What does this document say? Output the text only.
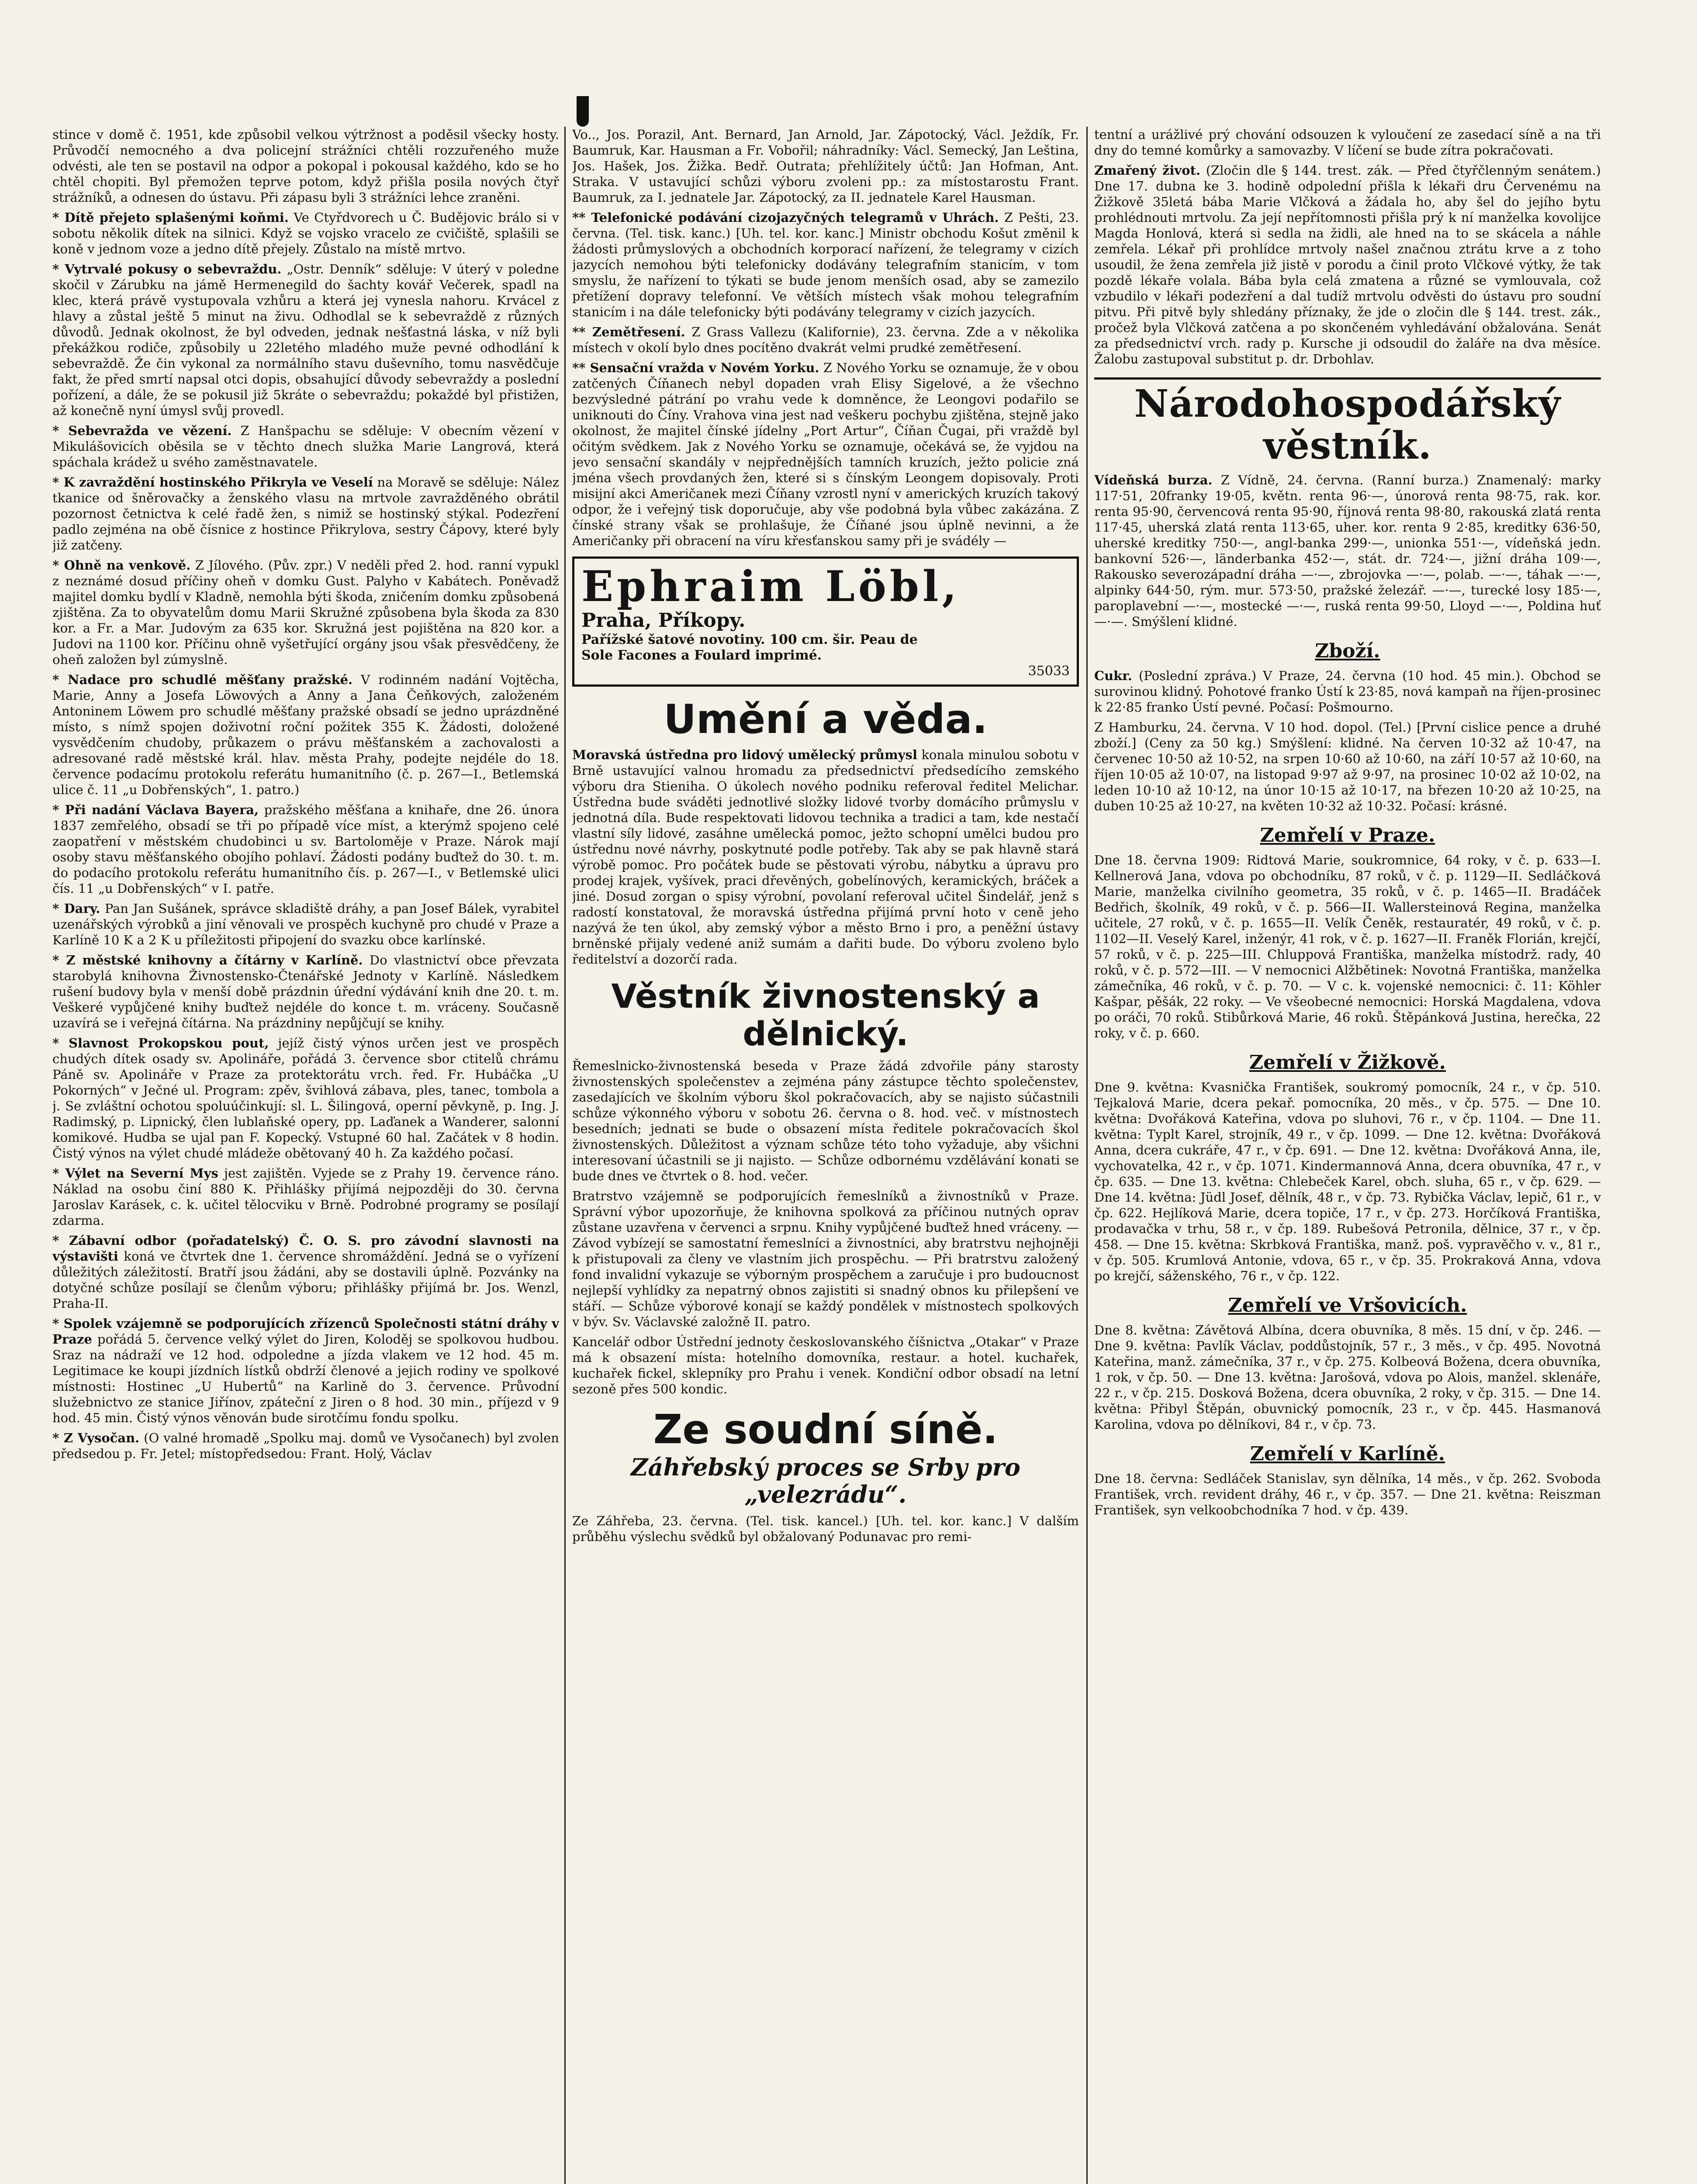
stince v domě č. 1951, kde způsobil velkou výtržnost a poděsil všecky hosty. Průvodčí nemocného a dva policejní strážníci chtěli rozzuřeného muže odvésti, ale ten se postavil na odpor a pokopal i pokousal každého, kdo se ho chtěl chopiti. Byl přemožen teprve potom, když přišla posila nových čtyř strážníků, a odnesen do ústavu. Při zápasu byli 3 strážníci lehce zraněni.

* Dítě přejeto splašenými koňmi. Ve Ctyřdvorech u Č. Budějovic brálo si v sobotu několik dítek na silnici. Když se vojsko vracelo ze cvičiště, splašili se koně v jednom voze a jedno dítě přejely. Zůstalo na místě mrtvo.

* Vytrvalé pokusy o sebevraždu. „Ostr. Denník“ sděluje: V úterý v poledne skočil v Zárubku na jámě Hermenegild do šachty kovář Večerek, spadl na klec, která právě vystupovala vzhůru a která jej vynesla nahoru. Krvácel z hlavy a zůstal ještě 5 minut na živu. Odhodlal se k sebevraždě z různých důvodů. Jednak okolnost, že byl odveden, jednak nešťastná láska, v níž byli překážkou rodiče, způsobily u 22letého mladého muže pevné odhodlání k sebevraždě. Že čin vykonal za normálního stavu duševního, tomu nasvědčuje fakt, že před smrtí napsal otci dopis, obsahující důvody sebevraždy a poslední pořízení, a dále, že se pokusil již 5kráte o sebevraždu; pokaždé byl přistižen, až konečně nyní úmysl svůj provedl.

* Sebevražda ve vězení. Z Hanšpachu se sděluje: V obecním vězení v Mikulášovicích oběsila se v těchto dnech služka Marie Langrová, která spáchala krádež u svého zaměstnavatele.

* K zavraždění hostinského Přikryla ve Veselí na Moravě se sděluje: Nález tkanice od šněrovačky a ženského vlasu na mrtvole zavražděného obrátil pozornost četnictva k celé řadě žen, s nimiž se hostinský stýkal. Podezření padlo zejména na obě čísnice z hostince Přikrylova, sestry Čápovy, které byly již zatčeny.

* Ohně na venkově. Z Jílového. (Pův. zpr.) V neděli před 2. hod. ranní vypukl z neznámé dosud příčiny oheň v domku Gust. Palyho v Kabátech. Poněvadž majitel domku bydlí v Kladně, nemohla býti škoda, zničením domku způsobená zjištěna. Za to obyvatelům domu Marii Skružné způsobena byla škoda za 830 kor. a Fr. a Mar. Judovým za 635 kor. Skružná jest pojištěna na 820 kor. a Judovi na 1100 kor. Příčinu ohně vyšetřující orgány jsou však přesvědčeny, že oheň založen byl zúmyslně.

* Nadace pro schudlé měšťany pražské. V rodinném nadání Vojtěcha, Marie, Anny a Josefa Löwových a Anny a Jana Čeňkových, založeném Antoninem Löwem pro schudlé měšťany pražské obsadí se jedno uprázdněné místo, s nímž spojen doživotní roční požitek 355 K. Žádosti, doložené vysvědčením chudoby, průkazem o právu měšťanském a zachovalosti a adresované radě městské král. hlav. města Prahy, podejte nejdéle do 18. července podacímu protokolu referátu humanitního (č. p. 267—I., Betlemská ulice č. 11 „u Dobřenských“, 1. patro.)

* Při nadání Václava Bayera, pražského měšťana a knihaře, dne 26. února 1837 zemřelého, obsadí se tři po případě více míst, a kterýmž spojeno celé zaopatření v městském chudobinci u sv. Bartoloměje v Praze. Nárok mají osoby stavu měšťanského obojího pohlaví. Žádosti podány buďtež do 30. t. m. do podacího protokolu referátu humanitního čís. p. 267—I., v Betlemské ulici čís. 11 „u Dobřenských“ v I. patře.

* Dary. Pan Jan Sušánek, správce skladiště dráhy, a pan Josef Bálek, vyrabitel uzenářských výrobků a jiní věnovali ve prospěch kuchyně pro chudé v Praze a Karlíně 10 K a 2 K u příležitosti připojení do svazku obce karlínské.

* Z městské knihovny a čítárny v Karlíně. Do vlastnictví obce převzata starobylá knihovna Živnostensko-Čtenářské Jednoty v Karlíně. Následkem rušení budovy byla v menší době prázdnin úřední výdávání knih dne 20. t. m. Veškeré vypůjčené knihy buďtež nejdéle do konce t. m. vráceny. Současně uzavírá se i veřejná čítárna. Na prázdniny nepůjčují se knihy.

* Slavnost Prokopskou pout, jejíž čistý výnos určen jest ve prospěch chudých dítek osady sv. Apolináře, pořádá 3. července sbor ctitelů chrámu Páně sv. Apolináře v Praze za protektorátu vrch. řed. Fr. Hubáčka „U Pokorných“ v Ječné ul. Program: zpěv, švihlová zábava, ples, tanec, tombola a j. Se zvláštní ochotou spoluúčinkují: sl. L. Šilingová, operní pěvkyně, p. Ing. J. Radimský, p. Lipnický, člen lublaňské opery, pp. Laďanek a Wanderer, salonní komikové. Hudba se ujal pan F. Kopecký. Vstupné 60 hal. Začátek v 8 hodin. Čistý výnos na výlet chudé mládeže obětovaný 40 h. Za každého počasí.

* Výlet na Severní Mys jest zajištěn. Vyjede se z Prahy 19. července ráno. Náklad na osobu činí 880 K. Přihlášky přijímá nejpozději do 30. června Jaroslav Karásek, c. k. učitel tělocviku v Brně. Podrobné programy se posílají zdarma.

* Zábavní odbor (pořadatelský) Č. O. S. pro závodní slavnosti na výstavišti koná ve čtvrtek dne 1. července shromáždění. Jedná se o vyřízení důležitých záležitostí. Bratří jsou žádáni, aby se dostavili úplně. Pozvánky na dotyčné schůze posílají se členům výboru; přihlášky přijímá br. Jos. Wenzl, Praha-II.

* Spolek vzájemně se podporujících zřízenců Společnosti státní dráhy v Praze pořádá 5. července velký výlet do Jiren, Koloděj se spolkovou hudbou. Sraz na nádraží ve 12 hod. odpoledne a jízda vlakem ve 12 hod. 45 m. Legitimace ke koupi jízdních lístků obdrží členové a jejich rodiny ve spolkové místnosti: Hostinec „U Hubertů“ na Karlině do 3. července. Průvodní služebnictvo ze stanice Jiřínov, zpáteční z Jiren o 8 hod. 30 min., příjezd v 9 hod. 45 min. Čistý výnos věnován bude sirotčímu fondu spolku.

* Z Vysočan. (O valné hromadě „Spolku maj. domů ve Vysočanech) byl zvolen předsedou p. Fr. Jetel; místopředsedou: Frant. Holý, Václav

Vo.., Jos. Porazil, Ant. Bernard, Jan Arnold, Jar. Zápotocký, Václ. Ježdík, Fr. Baumruk, Kar. Hausman a Fr. Vobořil; náhradníky: Václ. Semecký, Jan Leština, Jos. Hašek, Jos. Žižka. Bedř. Outrata; přehlížitely účtů: Jan Hofman, Ant. Straka. V ustavující schůzi výboru zvoleni pp.: za místostarostu Frant. Baumruk, za I. jednatele Jar. Zápotocký, za II. jednatele Karel Hausman.

** Telefonické podávání cizojazyčných telegramů v Uhrách. Z Pešti, 23. června. (Tel. tisk. kanc.) [Uh. tel. kor. kanc.] Ministr obchodu Košut změnil k žádosti průmyslových a obchodních korporací nařízení, že telegramy v cizích jazycích nemohou býti telefonicky dodávány telegrafním stanicím, v tom smyslu, že nařízení to týkati se bude jenom menších osad, aby se zamezilo přetížení dopravy telefonní. Ve větších místech však mohou telegrafním stanicím i na dále telefonicky býti podávány telegramy v cizích jazycích.

** Zemětřesení. Z Grass Vallezu (Kalifornie), 23. června. Zde a v několika místech v okolí bylo dnes pocítěno dvakrát velmi prudké zemětřesení.

** Sensační vražda v Novém Yorku. Z Nového Yorku se oznamuje, že v obou zatčených Číňanech nebyl dopaden vrah Elisy Sigelové, a že všechno bezvýsledné pátrání po vrahu vede k domněnce, že Leongovi podařilo se uniknouti do Číny. Vrahova vina jest nad veškeru pochybu zjištěna, stejně jako okolnost, že majitel čínské jídelny „Port Artur“, Číňan Čugai, při vraždě byl očitým svědkem. Jak z Nového Yorku se oznamuje, očekává se, že vyjdou na jevo sensační skandály v nejpřednějších tamních kruzích, ježto policie zná jména všech provdaných žen, které si s čínským Leongem dopisovaly. Proti misijní akci Američanek mezi Číňany vzrostl nyní v amerických kruzích takový odpor, že i veřejný tisk doporučuje, aby vše podobná byla vůbec zakázána. Z čínské strany však se prohlašuje, že Číňané jsou úplně nevinni, a že Američanky při obracení na víru křesťanskou samy při je svádély —

Ephraim Löbl,

Praha, Příkopy.

Pařížské šatové novotiny. 100 cm. šir. Peau de

Sole Facones a Foulard imprimé.

35033

Umění a věda.

Moravská ústředna pro lidový umělecký průmysl konala minulou sobotu v Brně ustavující valnou hromadu za předsednictví předsedícího zemského výboru dra Stieniha. O úkolech nového podniku referoval ředitel Melichar. Ústředna bude sváděti jednotlivé složky lidové tvorby domácího průmyslu v jednotná díla. Bude respektovati lidovou technika a tradici a tam, kde nestačí vlastní síly lidové, zasáhne umělecká pomoc, ježto schopní umělci budou pro ústřednu nové návrhy, poskytnuté podle potřeby. Tak aby se pak hlavně stará výrobě pomoc. Pro počátek bude se pěstovati výrobu, nábytku a úpravu pro prodej krajek, vyšívek, praci dřevěných, gobelínových, keramických, bráček a jiné. Dosud zorgan o spisy výrobní, povolaní referoval učitel Šindelář, jenž s radostí konstatoval, že moravská ústředna přijímá první hoto v ceně jeho nazývá že ten úkol, aby zemský výbor a město Brno i pro, a peněžní ústavy brněnské přijaly vedené aniž sumám a dařiti bude. Do výboru zvoleno bylo ředitelství a dozorčí rada.

Věstník živnostenský a dělnický.

Řemeslnicko-živnostenská beseda v Praze žádá zdvořile pány starosty živnostenských společenstev a zejména pány zástupce těchto společenstev, zasedajících ve školním výboru škol pokračovacích, aby se najisto súčastnili schůze výkonného výboru v sobotu 26. června o 8. hod. več. v místnostech besedních; jednati se bude o obsazení místa ředitele pokračovacích škol živnostenských. Důležitost a význam schůze této toho vyžaduje, aby všichni interesovaní účastnili se ji najisto. — Schůze odbornému vzdělávání konati se bude dnes ve čtvrtek o 8. hod. večer.

Bratrstvo vzájemně se podporujících řemeslníků a živnostníků v Praze. Správní výbor upozorňuje, že knihovna spolková za příčinou nutných oprav zůstane uzavřena v červenci a srpnu. Knihy vypůjčené buďtež hned vráceny. — Závod vybízejí se samostatní řemeslníci a živnostníci, aby bratrstvu nejhojněji k přistupovali za členy ve vlastním jich prospěchu. — Při bratrstvu založený fond invalidní vykazuje se výborným prospěchem a zaručuje i pro budoucnost nejlepší vyhlídky za nepatrný obnos zajistiti si snadný obnos ku přilepšení ve stáří. — Schůze výborové konají se každý pondělek v místnostech spolkových v býv. Sv. Václavské založně II. patro.

Kancelář odbor Ústřední jednoty českoslovanského číšnictva „Otakar“ v Praze má k obsazení místa: hotelního domovníka, restaur. a hotel. kuchařek, kuchařek fickel, sklepníky pro Prahu i venek. Kondiční odbor obsadí na letní sezoně přes 500 kondic.

Ze soudní síně.

Záhřebský proces se Srby pro „velezrádu“.

Ze Záhřeba, 23. června. (Tel. tisk. kancel.) [Uh. tel. kor. kanc.] V dalším průběhu výslechu svědků byl obžalovaný Podunavac pro remi-

tentní a urážlivé prý chování odsouzen k vyloučení ze zasedací síně a na tři dny do temné komůrky a samovazby. V líčení se bude zítra pokračovati.

Zmařený život. (Zločin dle § 144. trest. zák. — Před čtyřčlenným senátem.) Dne 17. dubna ke 3. hodině odpolední přišla k lékaři dru Červenému na Žižkově 35letá bába Marie Vlčková a žádala ho, aby šel do jejího bytu prohlédnouti mrtvolu. Za její nepřítomnosti přišla prý k ní manželka kovolijce Magda Honlová, která si sedla na židli, ale hned na to se skácela a náhle zemřela. Lékař při prohlídce mrtvoly našel značnou ztrátu krve a z toho usoudil, že žena zemřela již jistě v porodu a činil proto Vlčkové výtky, že tak pozdě lékaře volala. Bába byla celá zmatena a různé se vymlouvala, což vzbudilo v lékaři podezření a dal tudíž mrtvolu odvěsti do ústavu pro soudní pitvu. Při pitvě byly shledány příznaky, že jde o zločin dle § 144. trest. zák., pročež byla Vlčková zatčena a po skončeném vyhledávání obžalována. Senát za předsednictví vrch. rady p. Kursche ji odsoudil do žaláře na dva měsíce. Žalobu zastupoval substitut p. dr. Drbohlav.

Národohospodářský věstník.

Vídeňská burza. Z Vídně, 24. června. (Ranní burza.) Znamenalý: marky 117·51, 20franky 19·05, květn. renta 96·—, únorová renta 98·75, rak. kor. renta 95·90, červencová renta 95·90, říjnová renta 98·80, rakouská zlatá renta 117·45, uherská zlatá renta 113·65, uher. kor. renta 9 2·85, kreditky 636·50, uherské kreditky 750·—, angl-banka 299·—, unionka 551·—, vídeňská jedn. bankovní 526·—, länderbanka 452·—, stát. dr. 724·—, jižní dráha 109·—, Rakousko severozápadní dráha —·—, zbrojovka —·—, polab. —·—, táhak —·—, alpinky 644·50, rým. mur. 573·50, pražské železář. —·—, turecké losy 185·—, paroplavební —·—, mostecké —·—, ruská renta 99·50, Lloyd —·—, Poldina huť —·—. Smýšlení klidné.

Zboží.

Cukr. (Poslední zpráva.) V Praze, 24. června (10 hod. 45 min.). Obchod se surovinou klidný. Pohotové franko Ústí k 23·85, nová kampaň na říjen-prosinec k 22·85 franko Ústí pevné. Počasí: Pošmourno.

Z Hamburku, 24. června. V 10 hod. dopol. (Tel.) [První cislice pence a druhé zboží.] (Ceny za 50 kg.) Smýšlení: klidné. Na červen 10·32 až 10·47, na červenec 10·50 až 10·52, na srpen 10·60 až 10·60, na září 10·57 až 10·60, na říjen 10·05 až 10·07, na listopad 9·97 až 9·97, na prosinec 10·02 až 10·02, na leden 10·10 až 10·12, na únor 10·15 až 10·17, na březen 10·20 až 10·25, na duben 10·25 až 10·27, na květen 10·32 až 10·32. Počasí: krásné.

Zemřelí v Praze.

Dne 18. června 1909: Ridtová Marie, soukromnice, 64 roky, v č. p. 633—I. Kellnerová Jana, vdova po obchodníku, 87 roků, v č. p. 1129—II. Sedláčková Marie, manželka civilního geometra, 35 roků, v č. p. 1465—II. Bradáček Bedřich, školník, 49 roků, v č. p. 566—II. Wallersteinová Regina, manželka učitele, 27 roků, v č. p. 1655—II. Velík Čeněk, restauratér, 49 roků, v č. p. 1102—II. Veselý Karel, inženýr, 41 rok, v č. p. 1627—II. Franěk Florián, krejčí, 57 roků, v č. p. 225—III. Chluppová Františka, manželka místodrž. rady, 40 roků, v č. p. 572—III. — V nemocnici Alžbětinek: Novotná Františka, manželka zámečníka, 46 roků, v č. p. 70. — V c. k. vojenské nemocnici: č. 11: Köhler Kašpar, pěšák, 22 roky. — Ve všeobecné nemocnici: Horská Magdalena, vdova po oráči, 70 roků. Stibůrková Marie, 46 roků. Štěpánková Justina, herečka, 22 roky, v č. p. 660.

Zemřelí v Žižkově.

Dne 9. května: Kvasnička František, soukromý pomocník, 24 r., v čp. 510. Tejkalová Marie, dcera pekař. pomocníka, 20 měs., v čp. 575. — Dne 10. května: Dvořáková Kateřina, vdova po sluhovi, 76 r., v čp. 1104. — Dne 11. května: Typlt Karel, strojník, 49 r., v čp. 1099. — Dne 12. května: Dvořáková Anna, dcera cukráře, 47 r., v čp. 691. — Dne 12. května: Dvořáková Anna, ile, vychovatelka, 42 r., v čp. 1071. Kindermannová Anna, dcera obuvníka, 47 r., v čp. 635. — Dne 13. května: Chlebeček Karel, obch. sluha, 65 r., v čp. 629. — Dne 14. května: Jüdl Josef, dělník, 48 r., v čp. 73. Rybička Václav, lepič, 61 r., v čp. 622. Hejlíková Marie, dcera topiče, 17 r., v čp. 273. Horčíková Františka, prodavačka v trhu, 58 r., v čp. 189. Rubešová Petronila, dělnice, 37 r., v čp. 458. — Dne 15. května: Skrbková Františka, manž. poš. vypravěčho v. v., 81 r., v čp. 505. Krumlová Antonie, vdova, 65 r., v čp. 35. Prokraková Anna, vdova po krejčí, sáženského, 76 r., v čp. 122.

Zemřelí ve Vršovicích.

Dne 8. května: Závětová Albína, dcera obuvníka, 8 měs. 15 dní, v čp. 246. — Dne 9. května: Pavlík Václav, poddůstojník, 57 r., 3 měs., v čp. 495. Novotná Kateřina, manž. zámečníka, 37 r., v čp. 275. Kolbeová Božena, dcera obuvníka, 1 rok, v čp. 50. — Dne 13. května: Jarošová, vdova po Alois, manžel. sklenáře, 22 r., v čp. 215. Dosková Božena, dcera obuvníka, 2 roky, v čp. 315. — Dne 14. května: Přibyl Štěpán, obuvnický pomocník, 23 r., v čp. 445. Hasmanová Karolina, vdova po dělníkovi, 84 r., v čp. 73.

Zemřelí v Karlíně.

Dne 18. června: Sedláček Stanislav, syn dělníka, 14 měs., v čp. 262. Svoboda František, vrch. revident dráhy, 46 r., v čp. 357. — Dne 21. května: Reiszman František, syn velkoobchodníka 7 hod. v čp. 439.
